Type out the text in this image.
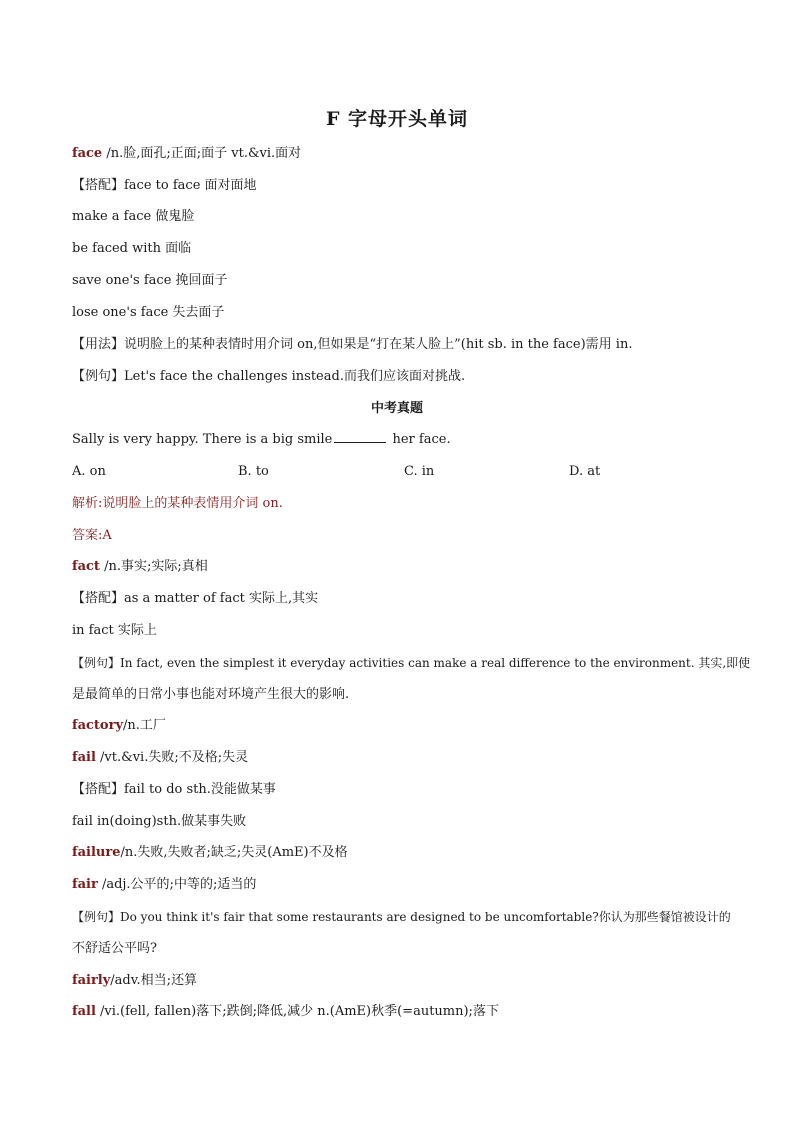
F 字母开头单词
face /n.脸,面孔;正面;面子 vt.&vi.面对
【搭配】face to face 面对面地
make a face 做鬼脸
be faced with 面临
save one's face 挽回面子
lose one's face 失去面子
【用法】说明脸上的某种表情时用介词 on,但如果是“打在某人脸上”(hit sb. in the face)需用 in.
【例句】Let's face the challenges instead.而我们应该面对挑战.
中考真题
Sally is very happy. There is a big smile	her face.
A. on	B. to	C. in	D. at
解析:说明脸上的某种表情用介词 on.
答案:A
fact /n.事实;实际;真相
【搭配】as a matter of fact 实际上,其实
in fact 实际上
【例句】In fact, even the simplest it everyday activities can make a real difference to the environment. 其实,即使
是最简单的日常小事也能对环境产生很大的影响.
factory/n.工厂
fail /vt.&vi.失败;不及格;失灵
【搭配】fail to do sth.没能做某事
fail in(doing)sth.做某事失败
failure/n.失败,失败者;缺乏;失灵(AmE)不及格
fair /adj.公平的;中等的;适当的
【例句】Do you think it's fair that some restaurants are designed to be uncomfortable?你认为那些餐馆被设计的
不舒适公平吗?
fairly/adv.相当;还算
fall /vi.(fell, fallen)落下;跌倒;降低,减少 n.(AmE)秋季(=autumn);落下
